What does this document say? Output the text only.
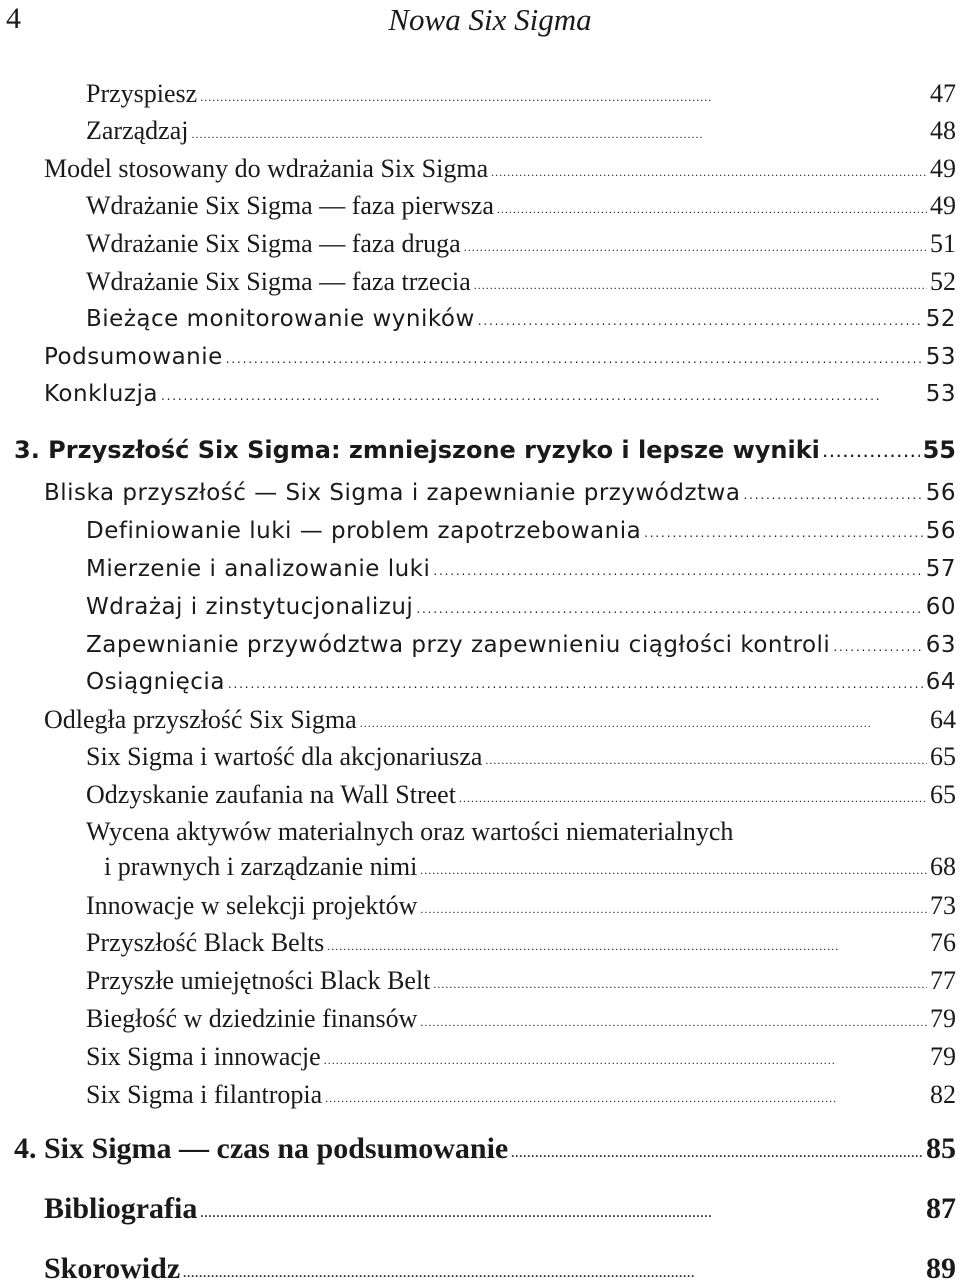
4	Nowa Six Sigma
Przyspiesz . . .	47
Zarządzaj . . .	48
Model stosowany do wdrażania Six Sigma . . .	49
Wdrażanie Six Sigma — faza pierwsza . . .	49
Wdrażanie Six Sigma — faza druga . . .	51
Wdrażanie Six Sigma — faza trzecia . . .	52
Bieżące monitorowanie wyników . . .	52
Podsumowanie . . .	53
Konkluzja . . .	53
3. Przyszłość Six Sigma: zmniejszone ryzyko i lepsze wyniki . . .	55
Bliska przyszłość — Six Sigma i zapewnianie przywództwa . . .	56
Definiowanie luki — problem zapotrzebowania . . .	56
Mierzenie i analizowanie luki . . .	57
Wdrażaj i zinstytucjonalizuj . . .	60
Zapewnianie przywództwa przy zapewnieniu ciągłości kontroli . . .	63
Osiągnięcia . . .	64
Odległa przyszłość Six Sigma . . .	64
Six Sigma i wartość dla akcjonariusza . . .	65
Odzyskanie zaufania na Wall Street . . .	65
Wycena aktywów materialnych oraz wartości niematerialnych
i prawnych i zarządzanie nimi . . .	68
Innowacje w selekcji projektów . . .	73
Przyszłość Black Belts . . .	76
Przyszłe umiejętności Black Belt . . .	77
Biegłość w dziedzinie finansów . . .	79
Six Sigma i innowacje . . .	79
Six Sigma i filantropia . . .	82
4. Six Sigma — czas na podsumowanie . . .	85
Bibliografia . . .	87
Skorowidz . . .	89
